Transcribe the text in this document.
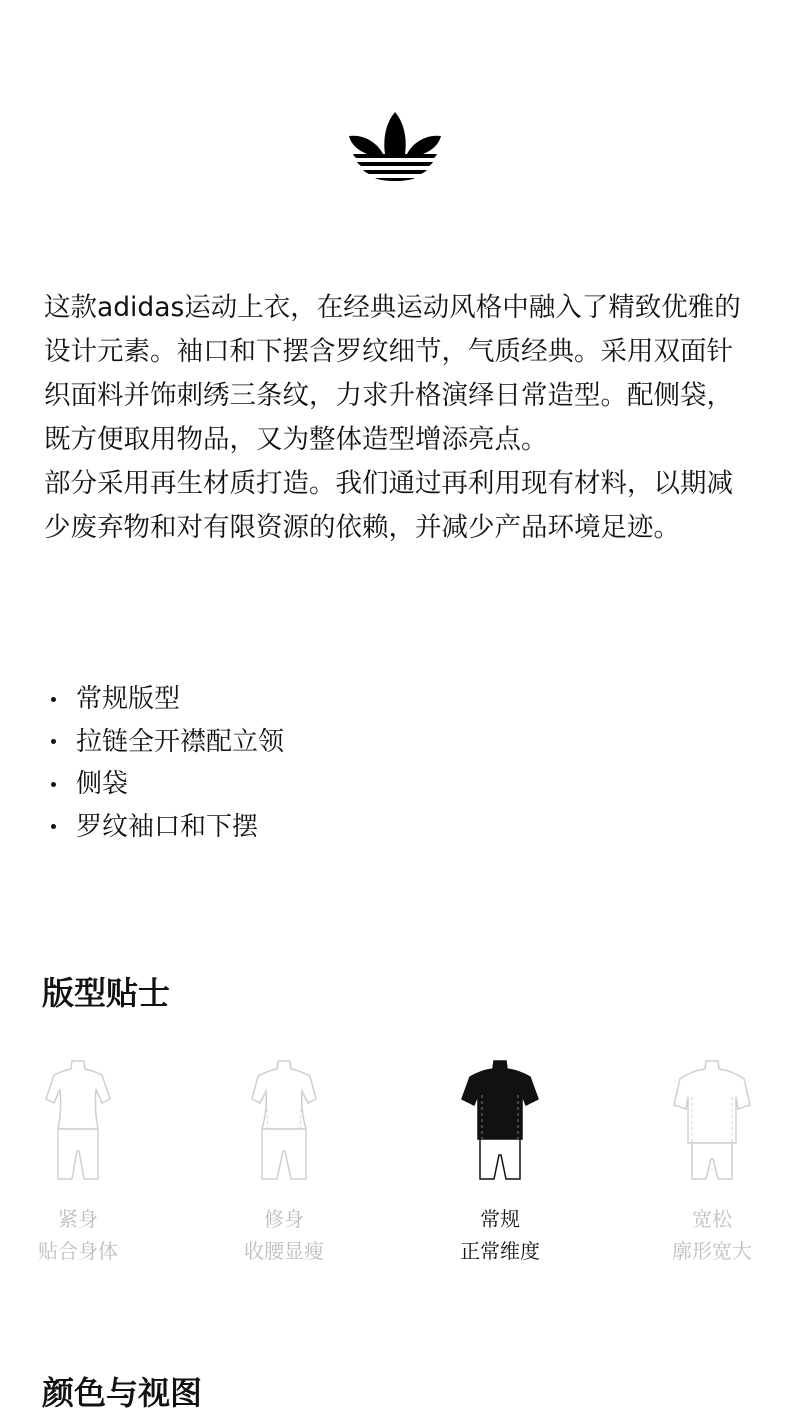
这款adidas运动上衣，在经典运动风格中融入了精致优雅的设计元素。袖口和下摆含罗纹细节，气质经典。采用双面针织面料并饰刺绣三条纹，力求升格演绎日常造型。配侧袋，既方便取用物品，又为整体造型增添亮点。

部分采用再生材质打造。我们通过再利用现有材料，以期减少废弃物和对有限资源的依赖，并减少产品环境足迹。

常规版型
拉链全开襟配立领
侧袋
罗纹袖口和下摆
版型贴士
紧身
贴合身体
修身
收腰显瘦
常规
正常维度
宽松
廓形宽大
颜色与视图
